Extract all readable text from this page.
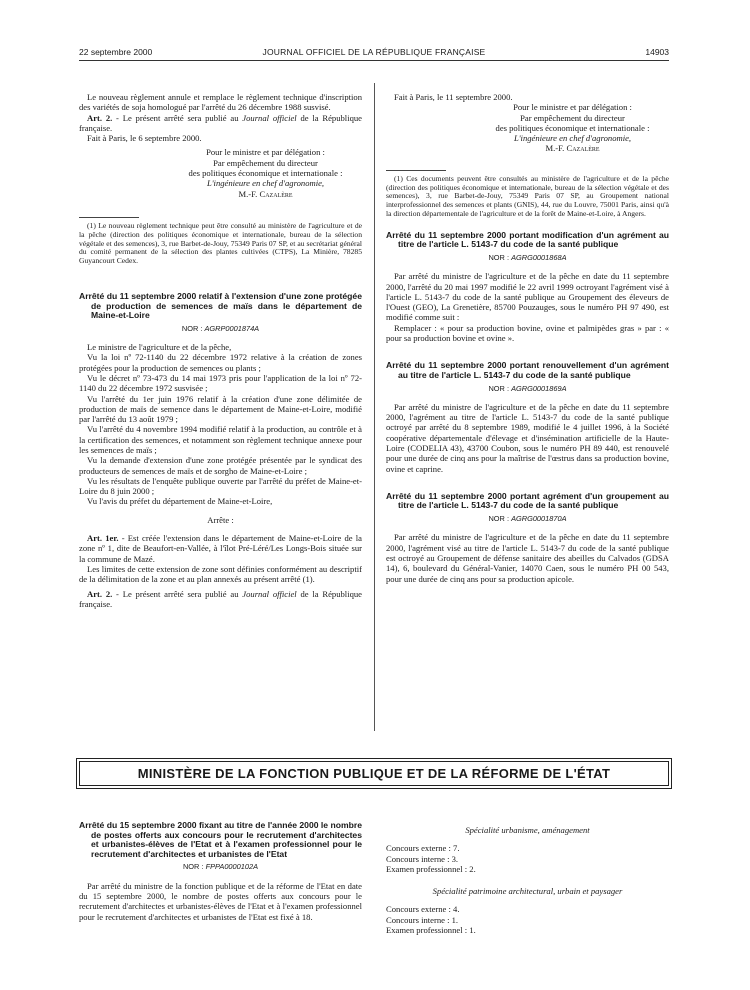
22 septembre 2000	JOURNAL OFFICIEL DE LA RÉPUBLIQUE FRANÇAISE	14903

Le nouveau règlement annule et remplace le règlement technique d'inscription des variétés de soja homologué par l'arrêté du 26 décembre 1988 susvisé.

Art. 2. - Le présent arrêté sera publié au Journal officiel de la République française.

Fait à Paris, le 6 septembre 2000.

Pour le ministre et par délégation :

Par empêchement du directeur

des politiques économique et internationale :

L'ingénieure en chef d'agronomie,

M.-F. Cazalère

(1) Le nouveau règlement technique peut être consulté au ministère de l'agriculture et de la pêche (direction des politiques économique et internationale, bureau de la sélection végétale et des semences), 3, rue Barbet-de-Jouy, 75349 Paris 07 SP, et au secrétariat général du comité permanent de la sélection des plantes cultivées (CTPS), La Minière, 78285 Guyancourt Cedex.

Arrêté du 11 septembre 2000 relatif à l'extension d'une zone protégée de production de semences de maïs dans le département de Maine-et-Loire

NOR : AGRP0001874A

Le ministre de l'agriculture et de la pêche,

Vu la loi nº 72-1140 du 22 décembre 1972 relative à la création de zones protégées pour la production de semences ou plants ;

Vu le décret nº 73-473 du 14 mai 1973 pris pour l'application de la loi nº 72-1140 du 22 décembre 1972 susvisée ;

Vu l'arrêté du 1er juin 1976 relatif à la création d'une zone délimitée de production de maïs de semence dans le département de Maine-et-Loire, modifié par l'arrêté du 13 août 1979 ;

Vu l'arrêté du 4 novembre 1994 modifié relatif à la production, au contrôle et à la certification des semences, et notamment son règlement technique annexe pour les semences de maïs ;

Vu la demande d'extension d'une zone protégée présentée par le syndicat des producteurs de semences de maïs et de sorgho de Maine-et-Loire ;

Vu les résultats de l'enquête publique ouverte par l'arrêté du préfet de Maine-et-Loire du 8 juin 2000 ;

Vu l'avis du préfet du département de Maine-et-Loire,

Arrête :

Art. 1er. - Est créée l'extension dans le département de Maine-et-Loire de la zone nº 1, dite de Beaufort-en-Vallée, à l'îlot Pré-Léré/Les Longs-Bois située sur la commune de Mazé.

Les limites de cette extension de zone sont définies conformément au descriptif de la délimitation de la zone et au plan annexés au présent arrêté (1).

Art. 2. - Le présent arrêté sera publié au Journal officiel de la République française.

Fait à Paris, le 11 septembre 2000.

Pour le ministre et par délégation :

Par empêchement du directeur

des politiques économique et internationale :

L'ingénieure en chef d'agronomie,

M.-F. Cazalère

(1) Ces documents peuvent être consultés au ministère de l'agriculture et de la pêche (direction des politiques économique et internationale, bureau de la sélection végétale et des semences), 3, rue Barbet-de-Jouy, 75349 Paris 07 SP, au Groupement national interprofessionnel des semences et plants (GNIS), 44, rue du Louvre, 75001 Paris, ainsi qu'à la direction départementale de l'agriculture et de la forêt de Maine-et-Loire, à Angers.

Arrêté du 11 septembre 2000 portant modification d'un agrément au titre de l'article L. 5143-7 du code de la santé publique

NOR : AGRG0001868A

Par arrêté du ministre de l'agriculture et de la pêche en date du 11 septembre 2000, l'arrêté du 20 mai 1997 modifié le 22 avril 1999 octroyant l'agrément visé à l'article L. 5143-7 du code de la santé publique au Groupement des éleveurs de l'Ouest (GEO), La Grenetière, 85700 Pouzauges, sous le numéro PH 97 490, est modifié comme suit :

Remplacer : « pour sa production bovine, ovine et palmipèdes gras » par : « pour sa production bovine et ovine ».

Arrêté du 11 septembre 2000 portant renouvellement d'un agrément au titre de l'article L. 5143-7 du code de la santé publique

NOR : AGRG0001869A

Par arrêté du ministre de l'agriculture et de la pêche en date du 11 septembre 2000, l'agrément au titre de l'article L. 5143-7 du code de la santé publique octroyé par arrêté du 8 septembre 1989, modifié le 4 juillet 1996, à la Société coopérative départementale d'élevage et d'insémination artificielle de la Haute-Loire (CODELIA 43), 43700 Coubon, sous le numéro PH 89 440, est renouvelé pour une durée de cinq ans pour la maîtrise de l'œstrus dans sa production bovine, ovine et caprine.

Arrêté du 11 septembre 2000 portant agrément d'un groupement au titre de l'article L. 5143-7 du code de la santé publique

NOR : AGRG0001870A

Par arrêté du ministre de l'agriculture et de la pêche en date du 11 septembre 2000, l'agrément visé au titre de l'article L. 5143-7 du code de la santé publique est octroyé au Groupement de défense sanitaire des abeilles du Calvados (GDSA 14), 6, boulevard du Général-Vanier, 14070 Caen, sous le numéro PH 00 543, pour une durée de cinq ans pour sa production apicole.

MINISTÈRE DE LA FONCTION PUBLIQUE ET DE LA RÉFORME DE L'ÉTAT

Arrêté du 15 septembre 2000 fixant au titre de l'année 2000 le nombre de postes offerts aux concours pour le recrutement d'architectes et urbanistes-élèves de l'Etat et à l'examen professionnel pour le recrutement d'architectes et urbanistes de l'Etat

NOR : FPPA0000102A

Par arrêté du ministre de la fonction publique et de la réforme de l'Etat en date du 15 septembre 2000, le nombre de postes offerts aux concours pour le recrutement d'architectes et urbanistes-élèves de l'Etat et à l'examen professionnel pour le recrutement d'architectes et urbanistes de l'Etat est fixé à 18.

Spécialité urbanisme, aménagement

Concours externe : 7.

Concours interne : 3.

Examen professionnel : 2.

Spécialité patrimoine architectural, urbain et paysager

Concours externe : 4.

Concours interne : 1.

Examen professionnel : 1.
